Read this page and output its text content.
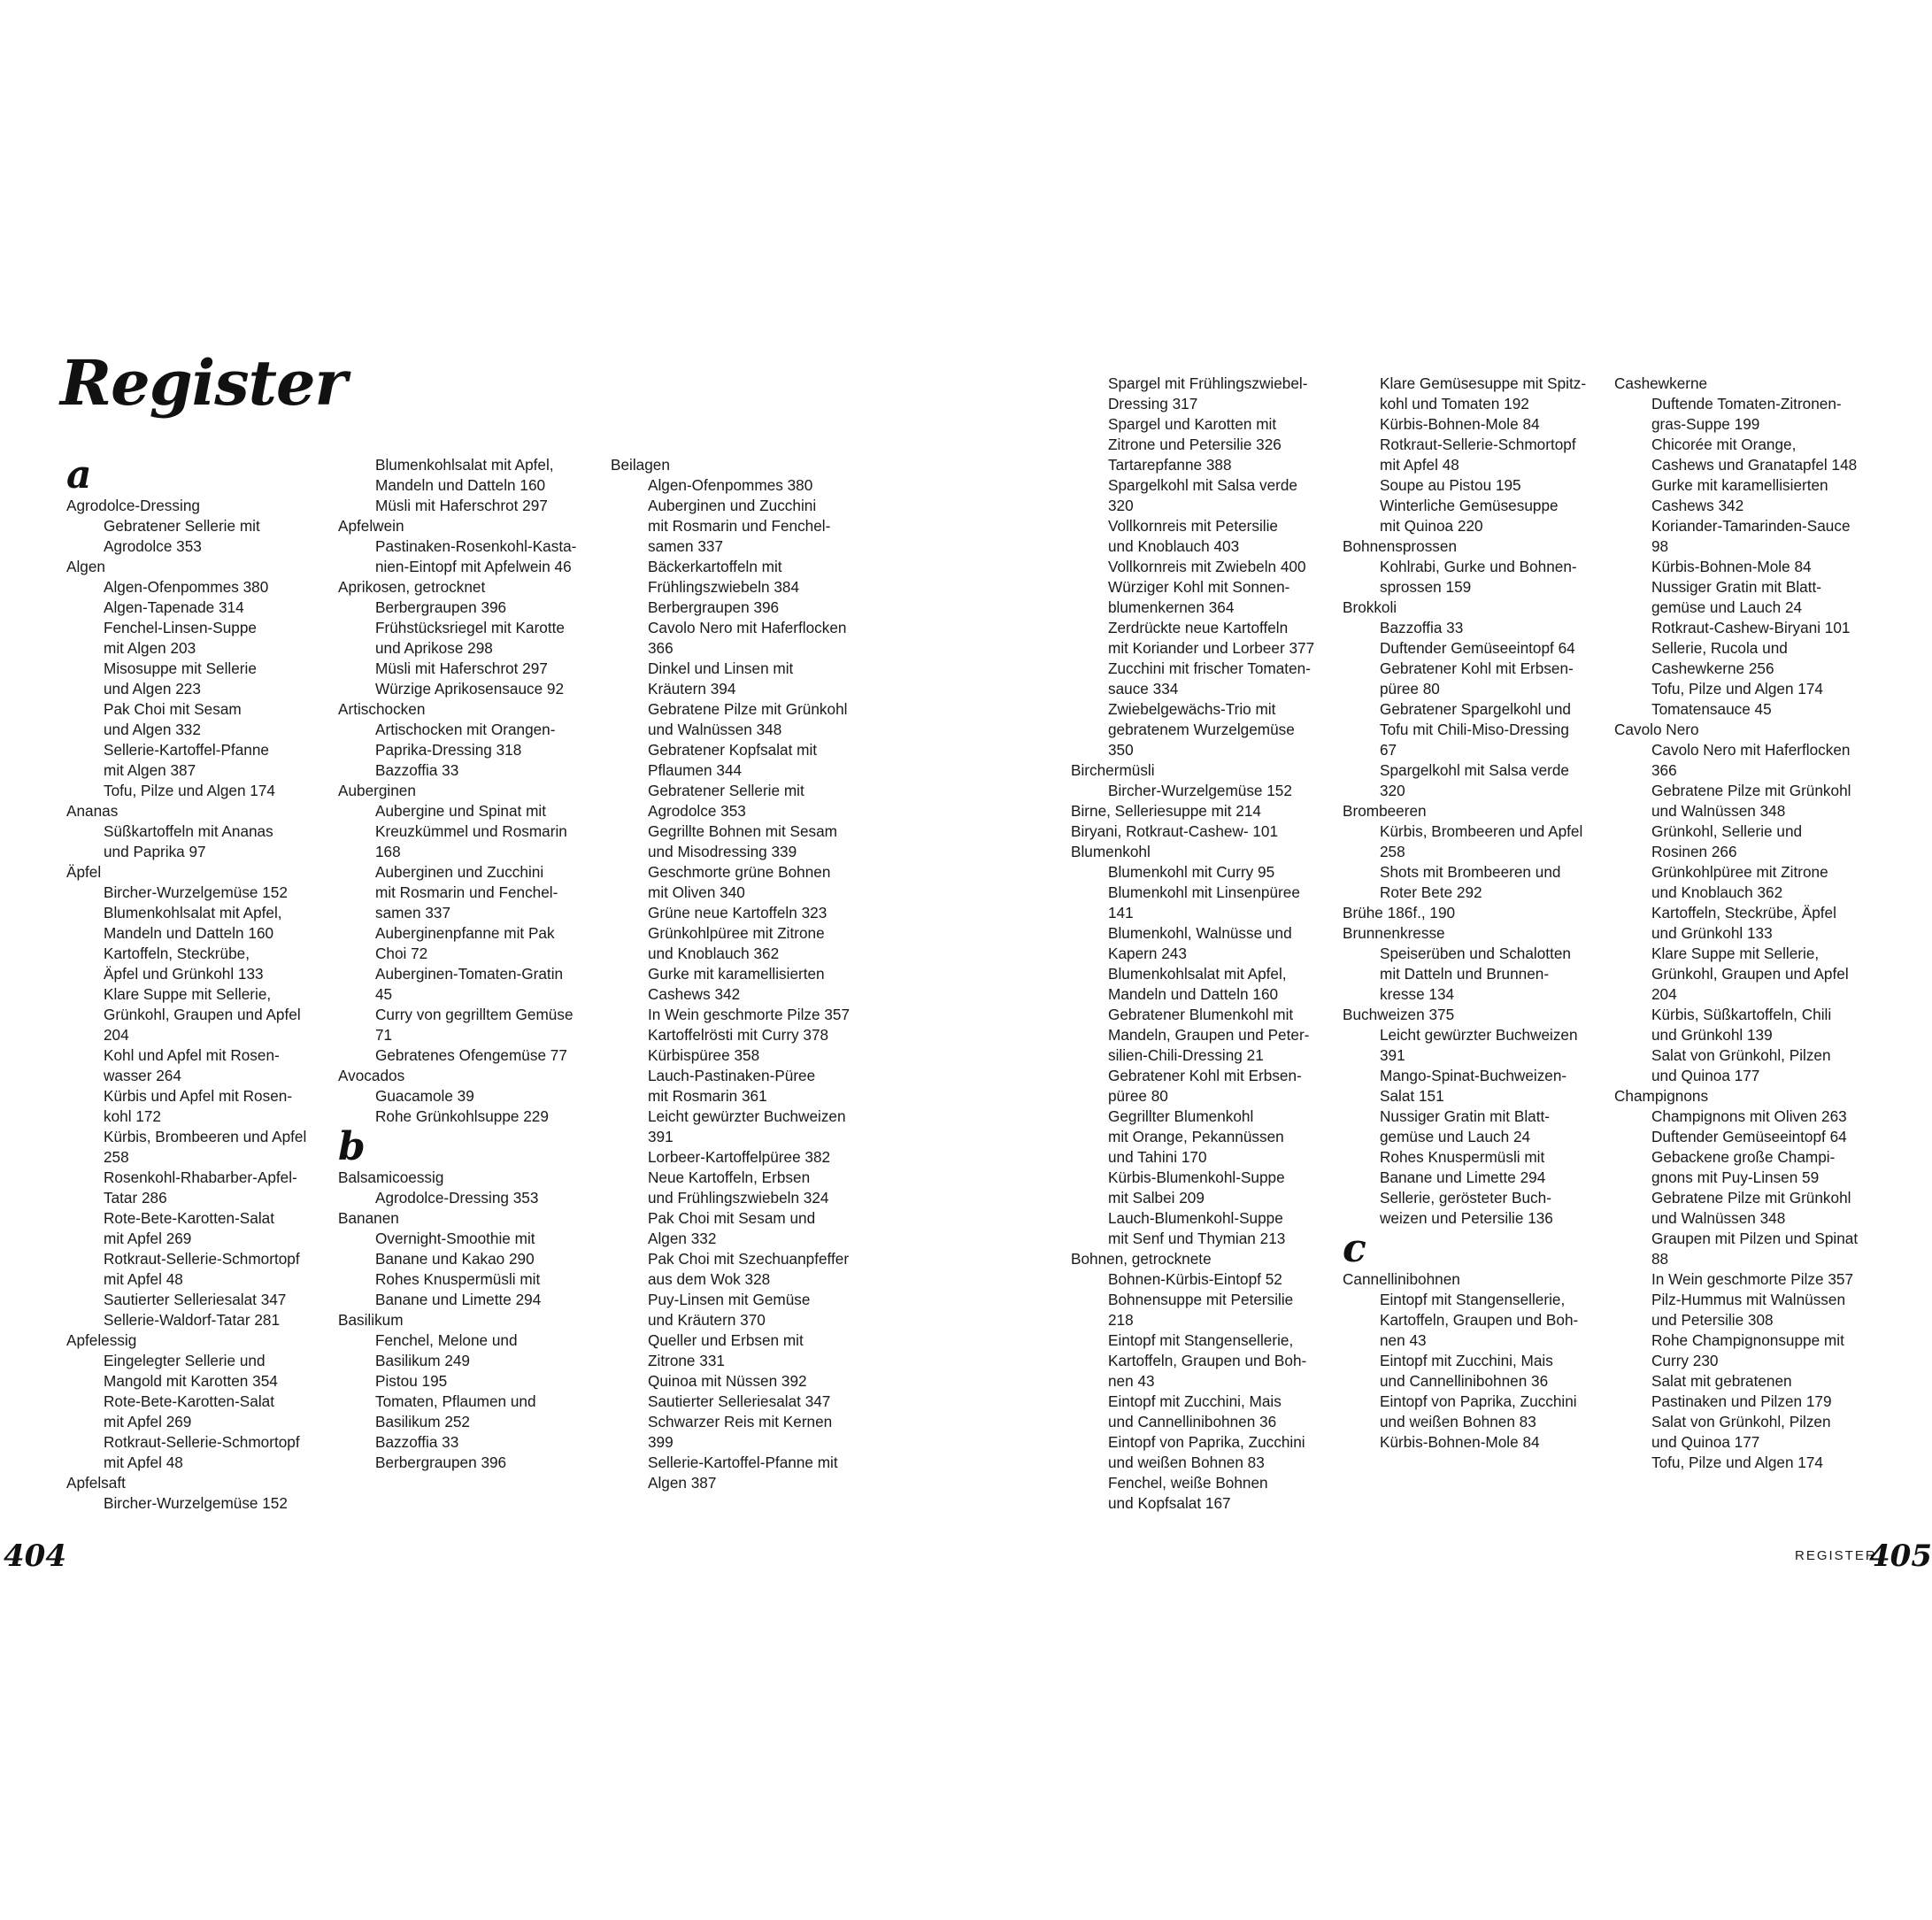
Register
a
Agrodolce-Dressing
Gebratener Sellerie mit
Agrodolce 353
Algen
Algen-Ofenpommes 380
Algen-Tapenade 314
Fenchel-Linsen-Suppe
mit Algen 203
Misosuppe mit Sellerie
und Algen 223
Pak Choi mit Sesam
und Algen 332
Sellerie-Kartoffel-Pfanne
mit Algen 387
Tofu, Pilze und Algen 174
Ananas
Süßkartoffeln mit Ananas
und Paprika 97
Äpfel
Bircher-Wurzelgemüse 152
Blumenkohlsalat mit Apfel,
Mandeln und Datteln 160
Kartoffeln, Steckrübe,
Äpfel und Grünkohl 133
Klare Suppe mit Sellerie,
Grünkohl, Graupen und Apfel
204
Kohl und Apfel mit Rosen-
wasser 264
Kürbis und Apfel mit Rosen-
kohl 172
Kürbis, Brombeeren und Apfel
258
Rosenkohl-Rhabarber-Apfel-
Tatar 286
Rote-Bete-Karotten-Salat
mit Apfel 269
Rotkraut-Sellerie-Schmortopf
mit Apfel 48
Sautierter Selleriesalat 347
Sellerie-Waldorf-Tatar 281
Apfelessig
Eingelegter Sellerie und
Mangold mit Karotten 354
Rote-Bete-Karotten-Salat
mit Apfel 269
Rotkraut-Sellerie-Schmortopf
mit Apfel 48
Apfelsaft
Bircher-Wurzelgemüse 152
Blumenkohlsalat mit Apfel,
Mandeln und Datteln 160
Müsli mit Haferschrot 297
Apfelwein
Pastinaken-Rosenkohl-Kasta-
nien-Eintopf mit Apfelwein 46
Aprikosen, getrocknet
Berbergraupen 396
Frühstücksriegel mit Karotte
und Aprikose 298
Müsli mit Haferschrot 297
Würzige Aprikosensauce 92
Artischocken
Artischocken mit Orangen-
Paprika-Dressing 318
Bazzoffia 33
Auberginen
Aubergine und Spinat mit
Kreuzkümmel und Rosmarin
168
Auberginen und Zucchini
mit Rosmarin und Fenchel-
samen 337
Auberginenpfanne mit Pak
Choi 72
Auberginen-Tomaten-Gratin
45
Curry von gegrilltem Gemüse
71
Gebratenes Ofengemüse 77
Avocados
Guacamole 39
Rohe Grünkohlsuppe 229
b
Balsamicoessig
Agrodolce-Dressing 353
Bananen
Overnight-Smoothie mit
Banane und Kakao 290
Rohes Knuspermüsli mit
Banane und Limette 294
Basilikum
Fenchel, Melone und
Basilikum 249
Pistou 195
Tomaten, Pflaumen und
Basilikum 252
Bazzoffia 33
Berbergraupen 396
Beilagen
Algen-Ofenpommes 380
Auberginen und Zucchini
mit Rosmarin und Fenchel-
samen 337
Bäckerkartoffeln mit
Frühlingszwiebeln 384
Berbergraupen 396
Cavolo Nero mit Haferflocken
366
Dinkel und Linsen mit
Kräutern 394
Gebratene Pilze mit Grünkohl
und Walnüssen 348
Gebratener Kopfsalat mit
Pflaumen 344
Gebratener Sellerie mit
Agrodolce 353
Gegrillte Bohnen mit Sesam
und Misodressing 339
Geschmorte grüne Bohnen
mit Oliven 340
Grüne neue Kartoffeln 323
Grünkohlpüree mit Zitrone
und Knoblauch 362
Gurke mit karamellisierten
Cashews 342
In Wein geschmorte Pilze 357
Kartoffelrösti mit Curry 378
Kürbispüree 358
Lauch-Pastinaken-Püree
mit Rosmarin 361
Leicht gewürzter Buchweizen
391
Lorbeer-Kartoffelpüree 382
Neue Kartoffeln, Erbsen
und Frühlingszwiebeln 324
Pak Choi mit Sesam und
Algen 332
Pak Choi mit Szechuanpfeffer
aus dem Wok 328
Puy-Linsen mit Gemüse
und Kräutern 370
Queller und Erbsen mit
Zitrone 331
Quinoa mit Nüssen 392
Sautierter Selleriesalat 347
Schwarzer Reis mit Kernen
399
Sellerie-Kartoffel-Pfanne mit
Algen 387
Spargel mit Frühlingszwiebel-
Dressing 317
Spargel und Karotten mit
Zitrone und Petersilie 326
Tartarepfanne 388
Spargelkohl mit Salsa verde
320
Vollkornreis mit Petersilie
und Knoblauch 403
Vollkornreis mit Zwiebeln 400
Würziger Kohl mit Sonnen-
blumenkernen 364
Zerdrückte neue Kartoffeln
mit Koriander und Lorbeer 377
Zucchini mit frischer Tomaten-
sauce 334
Zwiebelgewächs-Trio mit
gebratenem Wurzelgemüse
350
Birchermüsli
Bircher-Wurzelgemüse 152
Birne, Selleriesuppe mit 214
Biryani, Rotkraut-Cashew- 101
Blumenkohl
Blumenkohl mit Curry 95
Blumenkohl mit Linsenpüree
141
Blumenkohl, Walnüsse und
Kapern 243
Blumenkohlsalat mit Apfel,
Mandeln und Datteln 160
Gebratener Blumenkohl mit
Mandeln, Graupen und Peter-
silien-Chili-Dressing 21
Gebratener Kohl mit Erbsen-
püree 80
Gegrillter Blumenkohl
mit Orange, Pekannüssen
und Tahini 170
Kürbis-Blumenkohl-Suppe
mit Salbei 209
Lauch-Blumenkohl-Suppe
mit Senf und Thymian 213
Bohnen, getrocknete
Bohnen-Kürbis-Eintopf 52
Bohnensuppe mit Petersilie
218
Eintopf mit Stangensellerie,
Kartoffeln, Graupen und Boh-
nen 43
Eintopf mit Zucchini, Mais
und Cannellinibohnen 36
Eintopf von Paprika, Zucchini
und weißen Bohnen 83
Fenchel, weiße Bohnen
und Kopfsalat 167
Klare Gemüsesuppe mit Spitz-
kohl und Tomaten 192
Kürbis-Bohnen-Mole 84
Rotkraut-Sellerie-Schmortopf
mit Apfel 48
Soupe au Pistou 195
Winterliche Gemüsesuppe
mit Quinoa 220
Bohnensprossen
Kohlrabi, Gurke und Bohnen-
sprossen 159
Brokkoli
Bazzoffia 33
Duftender Gemüseeintopf 64
Gebratener Kohl mit Erbsen-
püree 80
Gebratener Spargelkohl und
Tofu mit Chili-Miso-Dressing
67
Spargelkohl mit Salsa verde
320
Brombeeren
Kürbis, Brombeeren und Apfel
258
Shots mit Brombeeren und
Roter Bete 292
Brühe 186f., 190
Brunnenkresse
Speiserüben und Schalotten
mit Datteln und Brunnen-
kresse 134
Buchweizen 375
Leicht gewürzter Buchweizen
391
Mango-Spinat-Buchweizen-
Salat 151
Nussiger Gratin mit Blatt-
gemüse und Lauch 24
Rohes Knuspermüsli mit
Banane und Limette 294
Sellerie, gerösteter Buch-
weizen und Petersilie 136
c
Cannellinibohnen
Eintopf mit Stangensellerie,
Kartoffeln, Graupen und Boh-
nen 43
Eintopf mit Zucchini, Mais
und Cannellinibohnen 36
Eintopf von Paprika, Zucchini
und weißen Bohnen 83
Kürbis-Bohnen-Mole 84
Cashewkerne
Duftende Tomaten-Zitronen-
gras-Suppe 199
Chicorée mit Orange,
Cashews und Granatapfel 148
Gurke mit karamellisierten
Cashews 342
Koriander-Tamarinden-Sauce
98
Kürbis-Bohnen-Mole 84
Nussiger Gratin mit Blatt-
gemüse und Lauch 24
Rotkraut-Cashew-Biryani 101
Sellerie, Rucola und
Cashewkerne 256
Tofu, Pilze und Algen 174
Tomatensauce 45
Cavolo Nero
Cavolo Nero mit Haferflocken
366
Gebratene Pilze mit Grünkohl
und Walnüssen 348
Grünkohl, Sellerie und
Rosinen 266
Grünkohlpüree mit Zitrone
und Knoblauch 362
Kartoffeln, Steckrübe, Äpfel
und Grünkohl 133
Klare Suppe mit Sellerie,
Grünkohl, Graupen und Apfel
204
Kürbis, Süßkartoffeln, Chili
und Grünkohl 139
Salat von Grünkohl, Pilzen
und Quinoa 177
Champignons
Champignons mit Oliven 263
Duftender Gemüseeintopf 64
Gebackene große Champi-
gnons mit Puy-Linsen 59
Gebratene Pilze mit Grünkohl
und Walnüssen 348
Graupen mit Pilzen und Spinat
88
In Wein geschmorte Pilze 357
Pilz-Hummus mit Walnüssen
und Petersilie 308
Rohe Champignonsuppe mit
Curry 230
Salat mit gebratenen
Pastinaken und Pilzen 179
Salat von Grünkohl, Pilzen
und Quinoa 177
Tofu, Pilze und Algen 174
404	REGISTER
405
